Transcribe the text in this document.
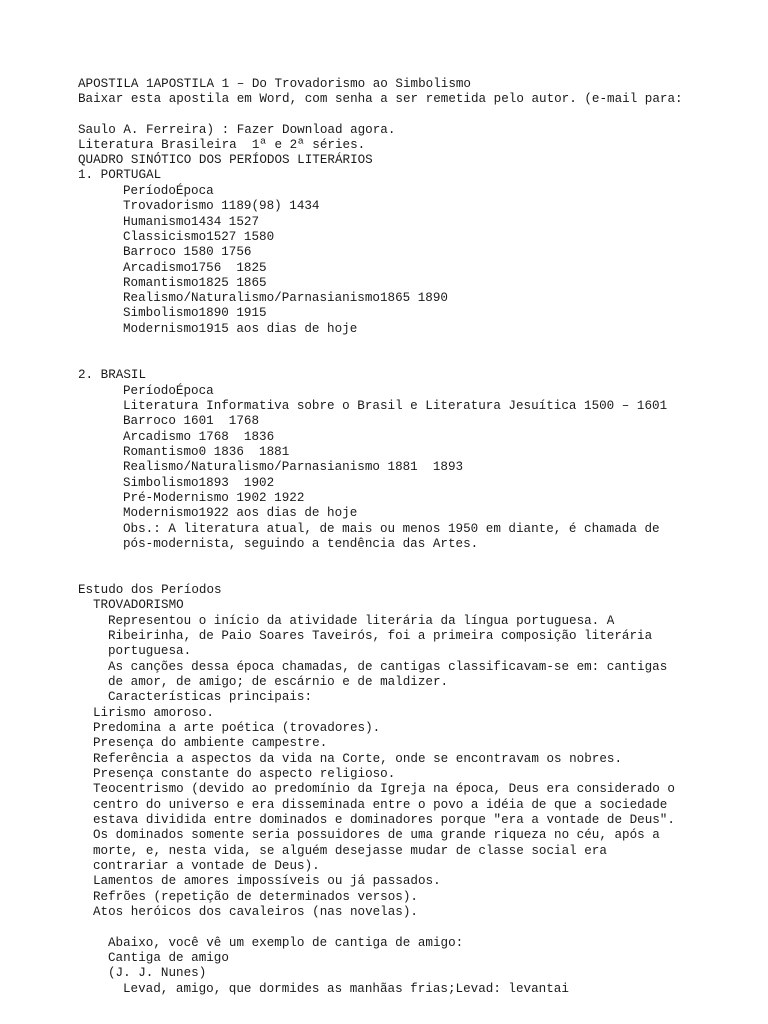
APOSTILA 1APOSTILA 1 – Do Trovadorismo ao Simbolismo
Baixar esta apostila em Word, com senha a ser remetida pelo autor. (e-mail para:
Saulo A. Ferreira) : Fazer Download agora.
Literatura Brasileira  1ª e 2ª séries.
QUADRO SINÓTICO DOS PERÍODOS LITERÁRIOS
1. PORTUGAL
PeríodoÉpoca
Trovadorismo 1189(98) 1434
Humanismo1434 1527
Classicismo1527 1580
Barroco 1580 1756
Arcadismo1756  1825
Romantismo1825 1865
Realismo/Naturalismo/Parnasianismo1865 1890
Simbolismo1890 1915
Modernismo1915 aos dias de hoje
2. BRASIL
PeríodoÉpoca
Literatura Informativa sobre o Brasil e Literatura Jesuítica 1500 – 1601
Barroco 1601  1768
Arcadismo 1768  1836
Romantismo0 1836  1881
Realismo/Naturalismo/Parnasianismo 1881  1893
Simbolismo1893  1902
Pré-Modernismo 1902 1922
Modernismo1922 aos dias de hoje
Obs.: A literatura atual, de mais ou menos 1950 em diante, é chamada de
pós-modernista, seguindo a tendência das Artes.
Estudo dos Períodos
TROVADORISMO
Representou o início da atividade literária da língua portuguesa. A
Ribeirinha, de Paio Soares Taveirós, foi a primeira composição literária
portuguesa.
As canções dessa época chamadas, de cantigas classificavam-se em: cantigas
de amor, de amigo; de escárnio e de maldizer.
Características principais:
Lirismo amoroso.
Predomina a arte poética (trovadores).
Presença do ambiente campestre.
Referência a aspectos da vida na Corte, onde se encontravam os nobres.
Presença constante do aspecto religioso.
Teocentrismo (devido ao predomínio da Igreja na época, Deus era considerado o
centro do universo e era disseminada entre o povo a idéia de que a sociedade
estava dividida entre dominados e dominadores porque "era a vontade de Deus".
Os dominados somente seria possuidores de uma grande riqueza no céu, após a
morte, e, nesta vida, se alguém desejasse mudar de classe social era
contrariar a vontade de Deus).
Lamentos de amores impossíveis ou já passados.
Refrões (repetição de determinados versos).
Atos heróicos dos cavaleiros (nas novelas).
Abaixo, você vê um exemplo de cantiga de amigo:
Cantiga de amigo
(J. J. Nunes)
Levad, amigo, que dormides as manhãas frias;Levad: levantai
